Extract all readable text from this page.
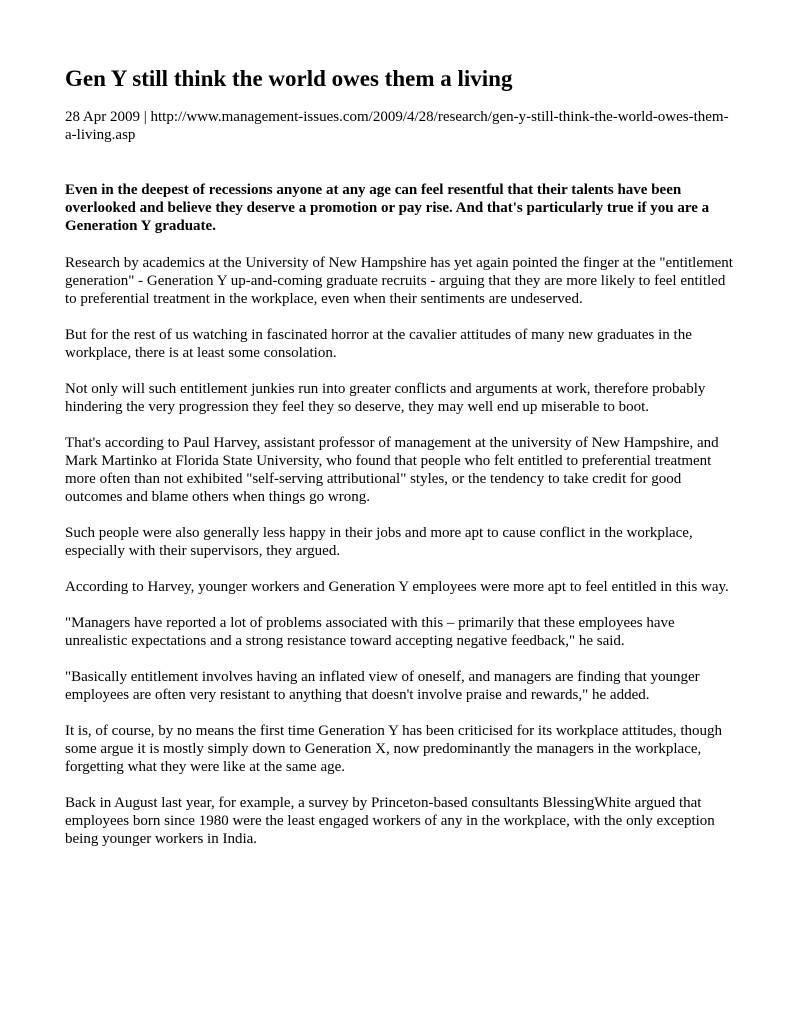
Gen Y still think the world owes them a living
28 Apr 2009 | http://www.management-issues.com/2009/4/28/research/gen-y-still-think-the-world-owes-them-a-living.asp
Even in the deepest of recessions anyone at any age can feel resentful that their talents have been overlooked and believe they deserve a promotion or pay rise. And that's particularly true if you are a Generation Y graduate.

Research by academics at the University of New Hampshire has yet again pointed the finger at the "entitlement generation" - Generation Y up-and-coming graduate recruits - arguing that they are more likely to feel entitled to preferential treatment in the workplace, even when their sentiments are undeserved.

But for the rest of us watching in fascinated horror at the cavalier attitudes of many new graduates in the workplace, there is at least some consolation.

Not only will such entitlement junkies run into greater conflicts and arguments at work, therefore probably hindering the very progression they feel they so deserve, they may well end up miserable to boot.

That's according to Paul Harvey, assistant professor of management at the university of New Hampshire, and Mark Martinko at Florida State University, who found that people who felt entitled to preferential treatment more often than not exhibited "self-serving attributional" styles, or the tendency to take credit for good outcomes and blame others when things go wrong.

Such people were also generally less happy in their jobs and more apt to cause conflict in the workplace, especially with their supervisors, they argued.

According to Harvey, younger workers and Generation Y employees were more apt to feel entitled in this way.

"Managers have reported a lot of problems associated with this – primarily that these employees have unrealistic expectations and a strong resistance toward accepting negative feedback," he said.

"Basically entitlement involves having an inflated view of oneself, and managers are finding that younger employees are often very resistant to anything that doesn't involve praise and rewards," he added.

It is, of course, by no means the first time Generation Y has been criticised for its workplace attitudes, though some argue it is mostly simply down to Generation X, now predominantly the managers in the workplace, forgetting what they were like at the same age.

Back in August last year, for example, a survey by Princeton-based consultants BlessingWhite argued that employees born since 1980 were the least engaged workers of any in the workplace, with the only exception being younger workers in India.
